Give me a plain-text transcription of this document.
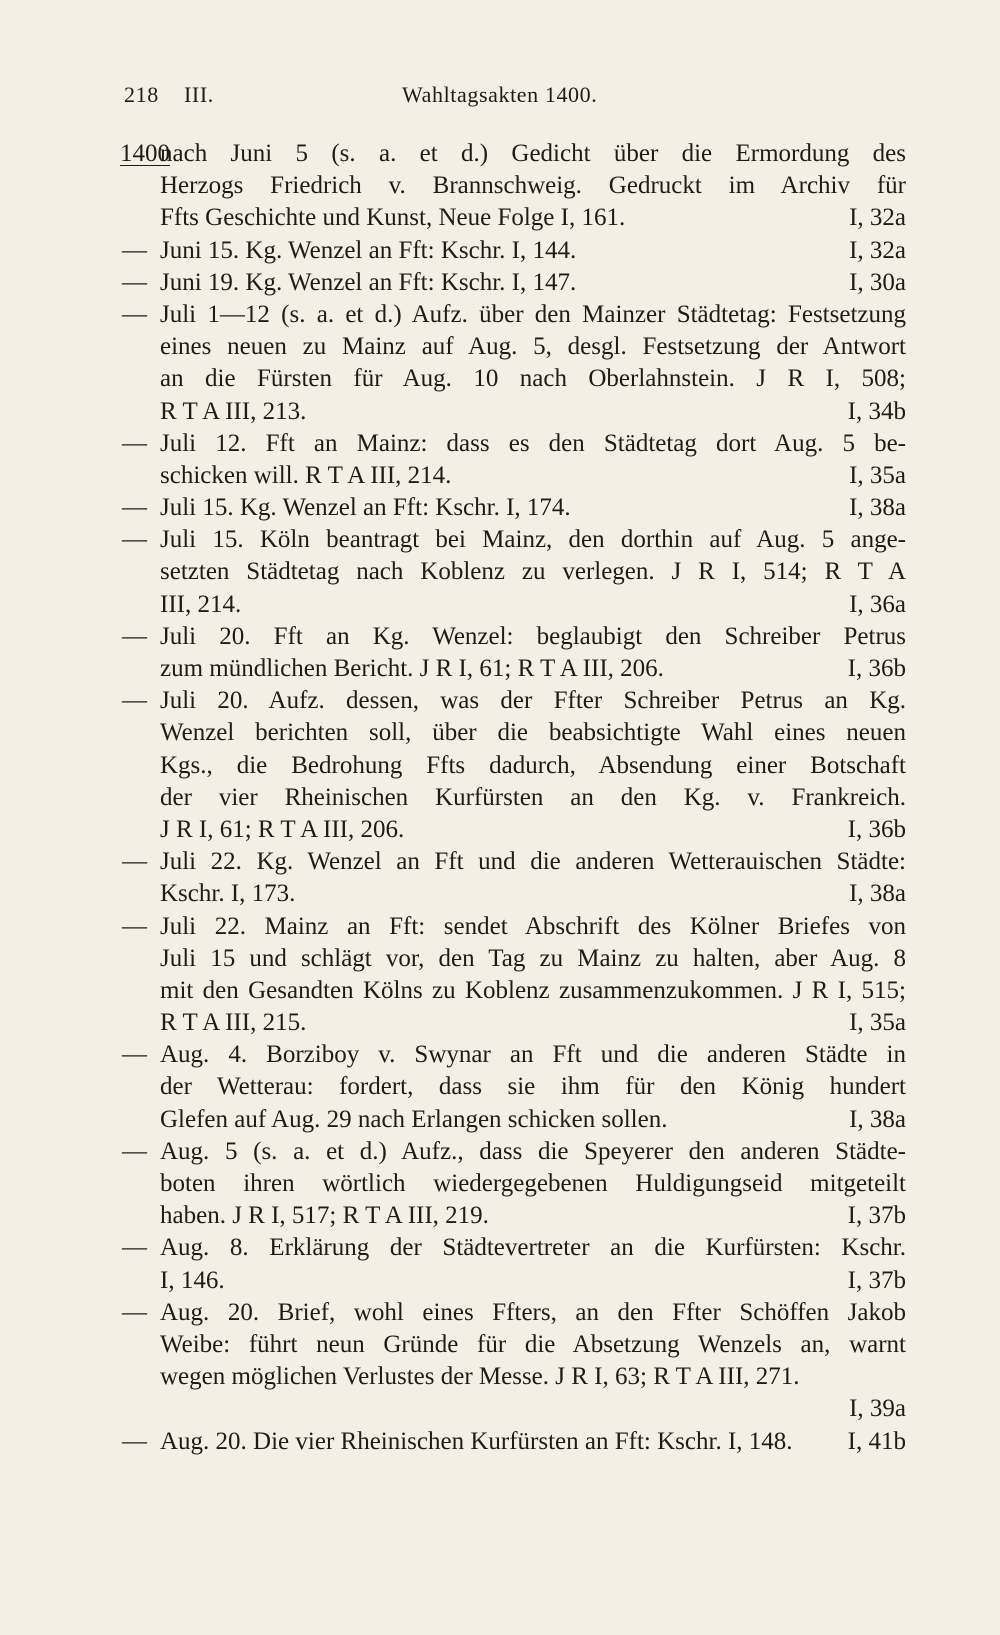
218 III.	Wahltagsakten 1400.
1400
nach Juni 5 (s. a. et d.) Gedicht über die Ermordung des
Herzogs Friedrich v. Brannschweig. Gedruckt im Archiv für
Ffts Geschichte und Kunst, Neue Folge I, 161.	I, 32a
— Juni 15. Kg. Wenzel an Fft: Kschr. I, 144.	I, 32a
— Juni 19. Kg. Wenzel an Fft: Kschr. I, 147.	I, 30a
— Juli 1—12 (s. a. et d.) Aufz. über den Mainzer Städtetag: Festsetzung
eines neuen zu Mainz auf Aug. 5, desgl. Festsetzung der Antwort
an die Fürsten für Aug. 10 nach Oberlahnstein. J R I, 508;
R T A III, 213.	I, 34b
— Juli 12. Fft an Mainz: dass es den Städtetag dort Aug. 5 be-
schicken will. R T A III, 214.	I, 35a
— Juli 15. Kg. Wenzel an Fft: Kschr. I, 174.	I, 38a
— Juli 15. Köln beantragt bei Mainz, den dorthin auf Aug. 5 ange-
setzten Städtetag nach Koblenz zu verlegen. J R I, 514; R T A
III, 214.	I, 36a
— Juli 20. Fft an Kg. Wenzel: beglaubigt den Schreiber Petrus
zum mündlichen Bericht. J R I, 61; R T A III, 206.	I, 36b
— Juli 20. Aufz. dessen, was der Ffter Schreiber Petrus an Kg.
Wenzel berichten soll, über die beabsichtigte Wahl eines neuen
Kgs., die Bedrohung Ffts dadurch, Absendung einer Botschaft
der vier Rheinischen Kurfürsten an den Kg. v. Frankreich.
J R I, 61; R T A III, 206.	I, 36b
— Juli 22. Kg. Wenzel an Fft und die anderen Wetterauischen Städte:
Kschr. I, 173.	I, 38a
— Juli 22. Mainz an Fft: sendet Abschrift des Kölner Briefes von
Juli 15 und schlägt vor, den Tag zu Mainz zu halten, aber Aug. 8
mit den Gesandten Kölns zu Koblenz zusammenzukommen. J R I, 515;
R T A III, 215.	I, 35a
— Aug. 4. Borziboy v. Swynar an Fft und die anderen Städte in
der Wetterau: fordert, dass sie ihm für den König hundert
Glefen auf Aug. 29 nach Erlangen schicken sollen.	I, 38a
— Aug. 5 (s. a. et d.) Aufz., dass die Speyerer den anderen Städte-
boten ihren wörtlich wiedergegebenen Huldigungseid mitgeteilt
haben. J R I, 517; R T A III, 219.	I, 37b
— Aug. 8. Erklärung der Städtevertreter an die Kurfürsten: Kschr.
I, 146.	I, 37b
— Aug. 20. Brief, wohl eines Ffters, an den Ffter Schöffen Jakob
Weibe: führt neun Gründe für die Absetzung Wenzels an, warnt
wegen möglichen Verlustes der Messe. J R I, 63; R T A III, 271.
I, 39a
— Aug. 20. Die vier Rheinischen Kurfürsten an Fft: Kschr. I, 148.	I, 41b
